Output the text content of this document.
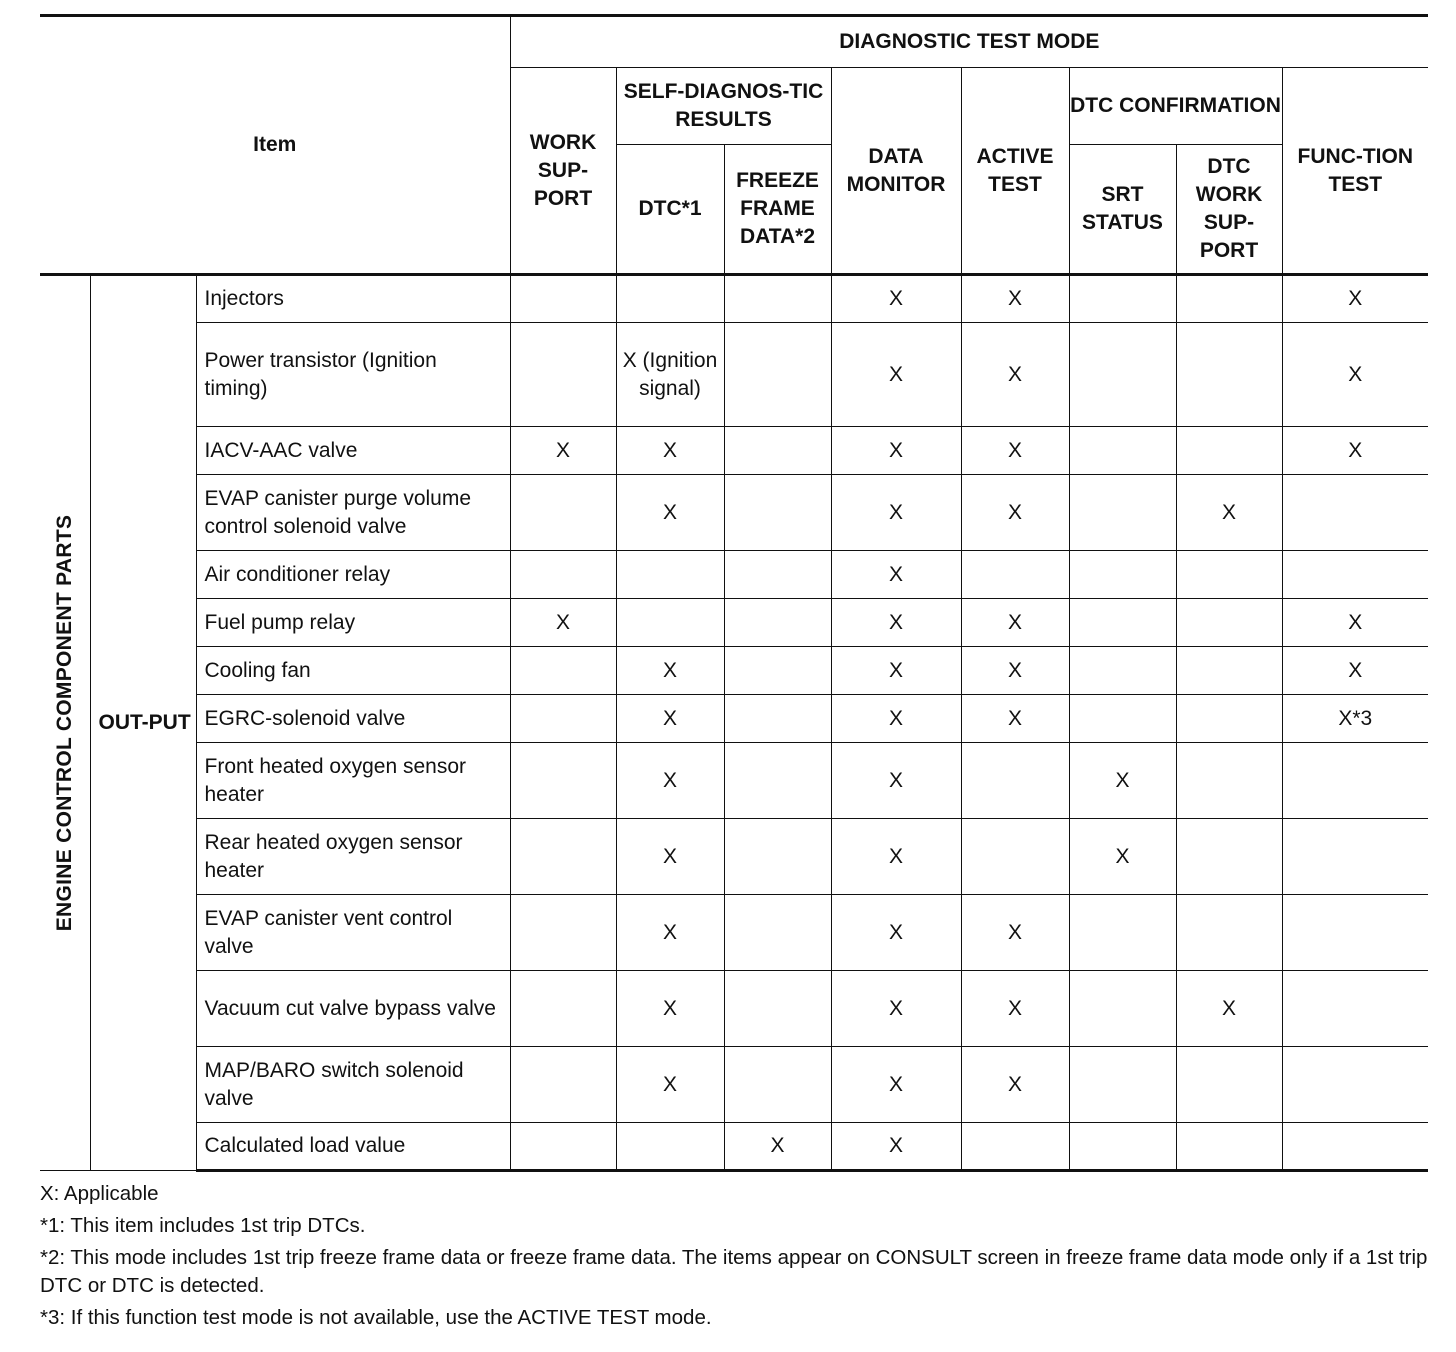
Item			DIAGNOSTIC TEST MODE							
			WORK SUP-PORT	SELF-DIAGNOS-TIC RESULTS		DATA MONITOR	ACTIVE TEST	DTC CONFIRMATION		FUNC-TION TEST
				DTC*1	FREEZE FRAME DATA*2			SRT STATUS	DTC WORK SUP-PORT	

ENGINE CONTROL COMPONENT PARTS	OUT-PUT	Injectors				X	X			X
		Power transistor (Ignition timing)		X (Ignition signal)		X	X			X
		IACV-AAC valve	X	X		X	X			X
		EVAP canister purge volume control solenoid valve		X		X	X		X	
		Air conditioner relay				X				
		Fuel pump relay	X			X	X			X
		Cooling fan		X		X	X			X
		EGRC-solenoid valve		X		X	X			X*3
		Front heated oxygen sensor heater		X		X		X		
		Rear heated oxygen sensor heater		X		X		X		
		EVAP canister vent control valve		X		X	X			
		Vacuum cut valve bypass valve		X		X	X		X	
		MAP/BARO switch solenoid valve		X		X	X			
		Calculated load value			X	X				

X: Applicable

*1: This item includes 1st trip DTCs.

*2: This mode includes 1st trip freeze frame data or freeze frame data. The items appear on CONSULT screen in freeze frame data mode only if a 1st trip DTC or DTC is detected.

*3: If this function test mode is not available, use the ACTIVE TEST mode.
